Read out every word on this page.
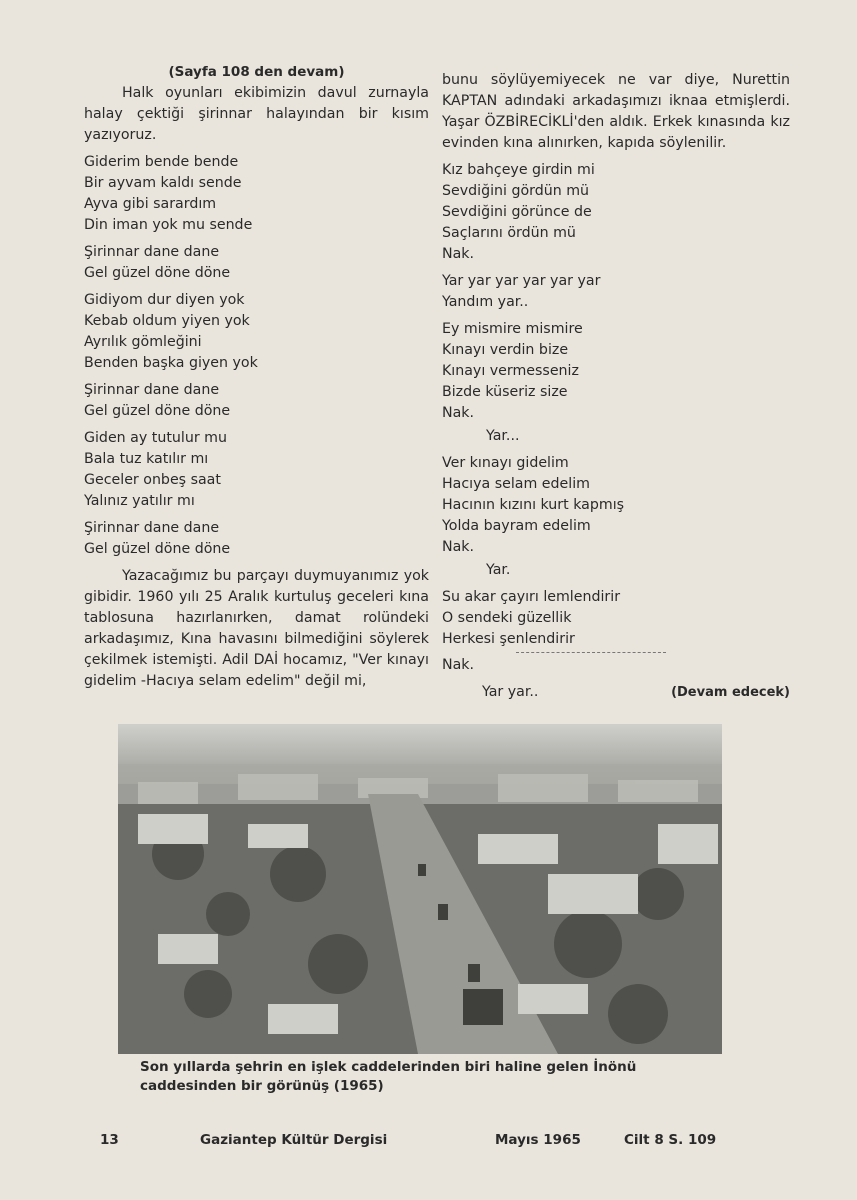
(Sayfa 108 den devam)

Halk oyunları ekibimizin davul zurnayla halay çektiği şirinnar halayından bir kısım yazıyoruz.

Giderim bende bende
Bir ayvam kaldı sende
Ayva gibi sarardım
Din iman yok mu sende
Şirinnar dane dane
Gel güzel döne döne
Gidiyom dur diyen yok
Kebab oldum yiyen yok
Ayrılık gömleğini
Benden başka giyen yok
Şirinnar dane dane
Gel güzel döne döne
Giden ay tutulur mu
Bala tuz katılır mı
Geceler onbeş saat
Yalınız yatılır mı
Şirinnar dane dane
Gel güzel döne döne

Yazacağımız bu parçayı duymuyanımız yok gibidir. 1960 yılı 25 Aralık kurtuluş geceleri kına tablosuna hazırlanırken, damat rolündeki arkadaşımız, Kına havasını bilmediğini söylerek çekilmek istemişti. Adil DAİ hocamız, "Ver kınayı gidelim -Hacıya selam edelim" değil mi,

bunu söylüyemiyecek ne var diye, Nurettin KAPTAN adındaki arkadaşımızı iknaa etmişlerdi. Yaşar ÖZBİRECİKLİ'den aldık. Erkek kınasında kız evinden kına alınırken, kapıda söylenilir.

Kız bahçeye girdin mi
Sevdiğini gördün mü
Sevdiğini görünce de
Saçlarını ördün mü
Nak.
Yar yar yar yar yar yar
Yandım yar..
Ey mismire mismire
Kınayı verdin bize
Kınayı vermesseniz
Bizde küseriz size
Nak.
Yar...
Ver kınayı gidelim
Hacıya selam edelim
Hacının kızını kurt kapmış
Yolda bayram edelim
Nak.
Yar.
Su akar çayırı lemlendirir
O sendeki güzellik
Herkesi şenlendirir
Nak.
Yar yar..	(Devam edecek)
Son yıllarda şehrin en işlek caddelerinden biri haline gelen İnönü caddesinden bir görünüş (1965)
13	Gaziantep Kültür Dergisi	Mayıs 1965	Cilt 8 S. 109
